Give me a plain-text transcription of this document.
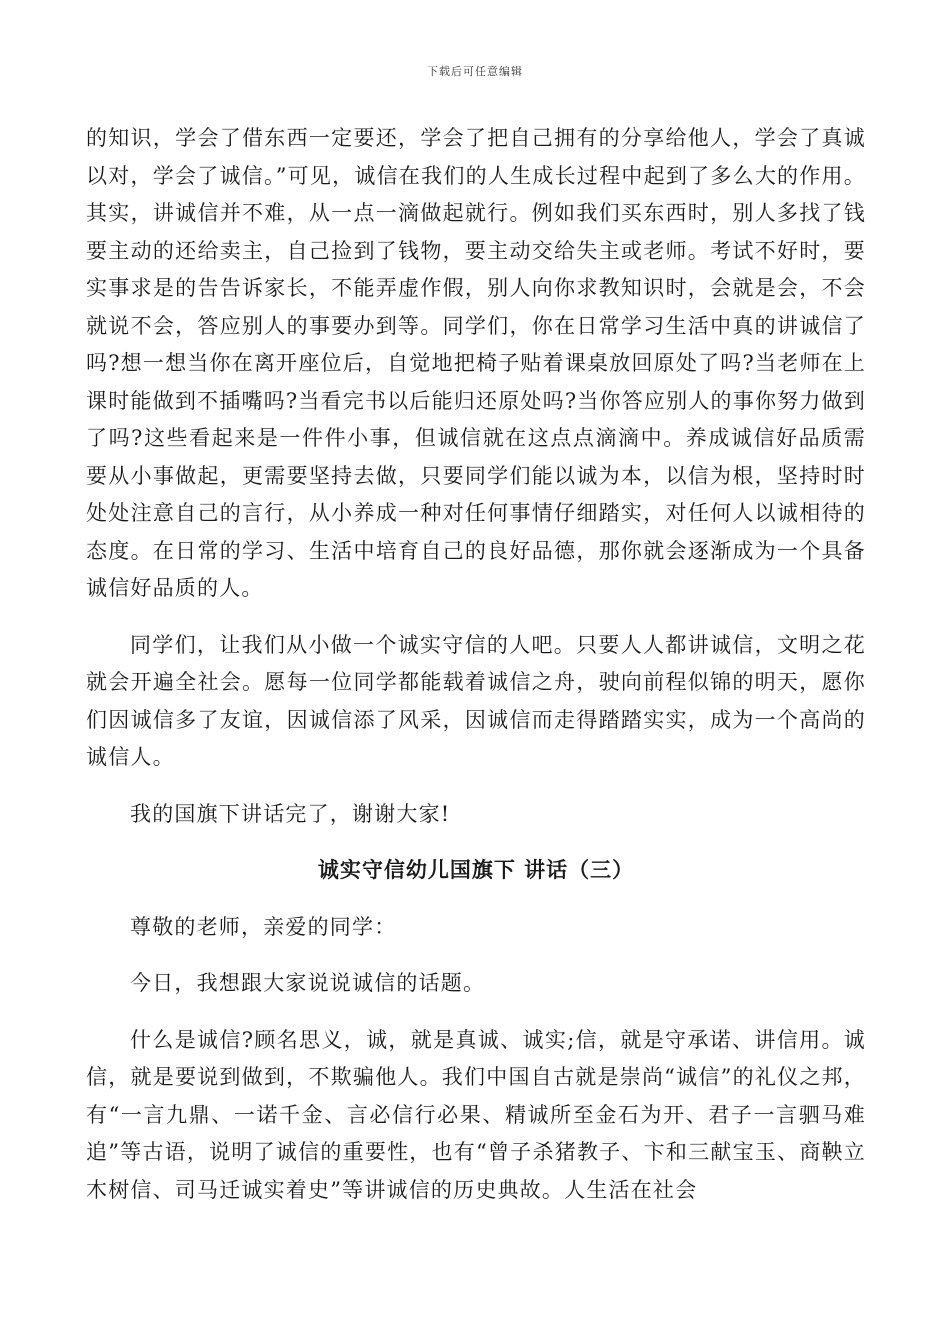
下载后可任意编辑

的知识，学会了借东西一定要还，学会了把自己拥有的分享给他人，学会了真诚以对，学会了诚信。”可见，诚信在我们的人生成长过程中起到了多么大的作用。其实，讲诚信并不难，从一点一滴做起就行。例如我们买东西时，别人多找了钱要主动的还给卖主，自己捡到了钱物，要主动交给失主或老师。考试不好时，要实事求是的告告诉家长，不能弄虚作假，别人向你求教知识时，会就是会，不会就说不会，答应别人的事要办到等。同学们，你在日常学习生活中真的讲诚信了吗?想一想当你在离开座位后，自觉地把椅子贴着课桌放回原处了吗?当老师在上课时能做到不插嘴吗?当看完书以后能归还原处吗?当你答应别人的事你努力做到了吗?这些看起来是一件件小事，但诚信就在这点点滴滴中。养成诚信好品质需要从小事做起，更需要坚持去做，只要同学们能以诚为本，以信为根，坚持时时处处注意自己的言行，从小养成一种对任何事情仔细踏实，对任何人以诚相待的态度。在日常的学习、生活中培育自己的良好品德，那你就会逐渐成为一个具备诚信好品质的人。

同学们，让我们从小做一个诚实守信的人吧。只要人人都讲诚信，文明之花就会开遍全社会。愿每一位同学都能载着诚信之舟，驶向前程似锦的明天，愿你们因诚信多了友谊，因诚信添了风采，因诚信而走得踏踏实实，成为一个高尚的诚信人。

我的国旗下讲话完了，谢谢大家!

诚实守信幼儿国旗下 讲话（三）

尊敬的老师，亲爱的同学：

今日，我想跟大家说说诚信的话题。

什么是诚信?顾名思义，诚，就是真诚、诚实;信，就是守承诺、讲信用。诚信，就是要说到做到，不欺骗他人。我们中国自古就是崇尚“诚信”的礼仪之邦，有“一言九鼎、一诺千金、言必信行必果、精诚所至金石为开、君子一言驷马难追”等古语，说明了诚信的重要性，也有“曾子杀猪教子、卞和三献宝玉、商鞅立木树信、司马迁诚实着史”等讲诚信的历史典故。人生活在社会
